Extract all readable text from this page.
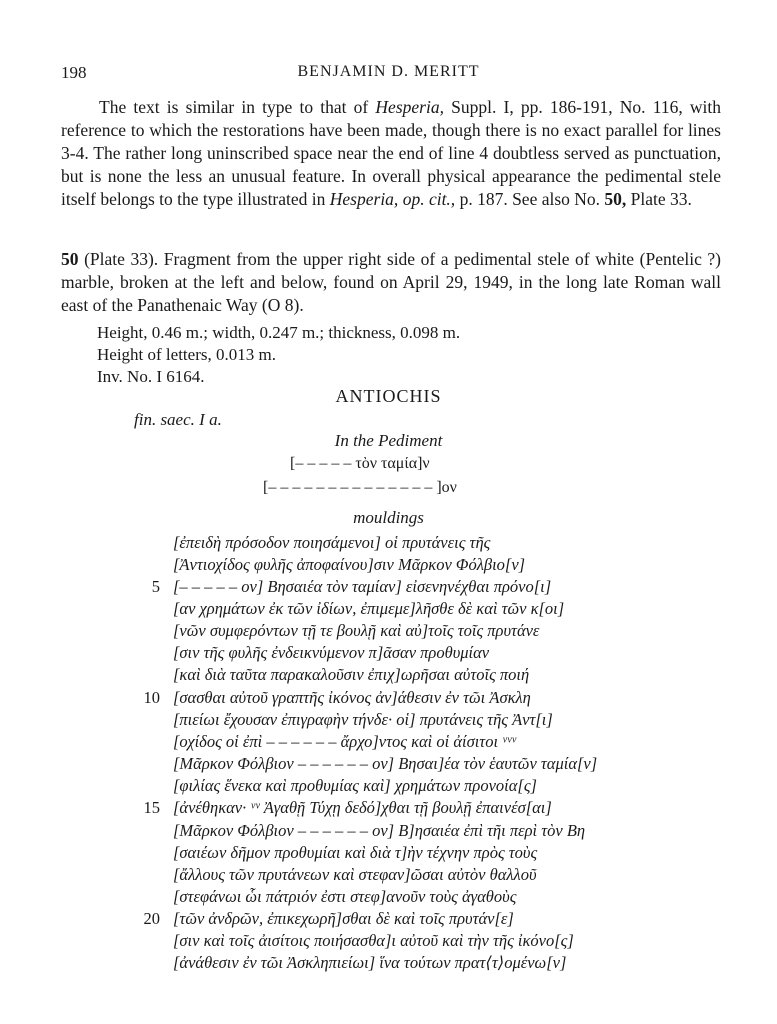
198	BENJAMIN D. MERITT

The text is similar in type to that of Hesperia, Suppl. I, pp. 186-191, No. 116, with reference to which the restorations have been made, though there is no exact parallel for lines 3-4. The rather long uninscribed space near the end of line 4 doubtless served as punctuation, but is none the less an unusual feature. In overall physical appearance the pedimental stele itself belongs to the type illustrated in Hesperia, op. cit., p. 187. See also No. 50, Plate 33.

50 (Plate 33). Fragment from the upper right side of a pedimental stele of white (Pentelic ?) marble, broken at the left and below, found on April 29, 1949, in the long late Roman wall east of the Panathenaic Way (O 8).

Height, 0.46 m.; width, 0.247 m.; thickness, 0.098 m.
Height of letters, 0.013 m.
Inv. No. I 6164.
ANTIOCHIS
fin. saec. I a.
In the Pediment
[– – – – – τὸν ταμία]ν
[– – – – – – – – – – – – – – ]ον
mouldings
[ἐπειδὴ πρόσοδον ποιησάμενοι] οἱ πρυτάνεις τῆς
[Ἀντιοχίδος φυλῆς ἀποφαίνου]σιν Μᾶρκον Φόλβιο[ν]
5 [– – – – – ον] Βησαιέα τὸν ταμίαν] εἰσενηνέχθαι πρόνο[ι]
[αν χρημάτων ἐκ τῶν ἰδίων, ἐπιμεμε]λῆσθε δὲ καὶ τῶν κ[οι]
[νῶν συμφερόντων τῇ τε βουλῇ καὶ αὐ]τοῖς τοῖς πρυτάνε
[σιν τῆς φυλῆς ἐνδεικνύμενον π]ᾶσαν προθυμίαν
[καὶ διὰ ταῦτα παρακαλοῦσιν ἐπιχ]ωρῆσαι αὐτοῖς ποιή
10 [σασθαι αὐτοῦ γραπτῆς ἰκόνος ἀν]άθεσιν ἐν τῶι Ἀσκλη
[πιείωι ἔχουσαν ἐπιγραφὴν τήνδε· οἱ] πρυτάνεις τῆς Ἀντ[ι]
[οχίδος οἱ ἐπὶ – – – – – – ἄρχο]ντος καὶ οἱ ἀίσιτοι ᵛᵛᵛ
[Μᾶρκον Φόλβιον – – – – – – ον] Βησαι]έα τὸν ἑαυτῶν ταμία[ν]
[φιλίας ἕνεκα καὶ προθυμίας καὶ] χρημάτων προνοία[ς]
15 [ἀνέθηκαν· ᵛᵛ Ἀγαθῇ Τύχῃ δεδό]χθαι τῇ βουλῇ ἐπαινέσ[αι]
[Μᾶρκον Φόλβιον – – – – – – ον] Β]ησαιέα ἐπὶ τῆι περὶ τὸν Βη
[σαιέων δῆμον προθυμίαι καὶ διὰ τ]ὴν τέχνην πρὸς τοὺς
[ἄλλους τῶν πρυτάνεων καὶ στεφαν]ῶσαι αὐτὸν θαλλοῦ
[στεφάνωι ὧι πάτριόν ἐστι στεφ]ανοῦν τοὺς ἀγαθοὺς
20 [τῶν ἀνδρῶν, ἐπικεχωρῆ]σθαι δὲ καὶ τοῖς πρυτάν[ε]
[σιν καὶ τοῖς ἀισίτοις ποιήσασθα]ι αὐτοῦ καὶ τὴν τῆς ἰκόνο[ς]
[ἀνάθεσιν ἐν τῶι Ἀσκληπιείωι] ἵνα τούτων πρατ⟨τ⟩ομένω[ν]
